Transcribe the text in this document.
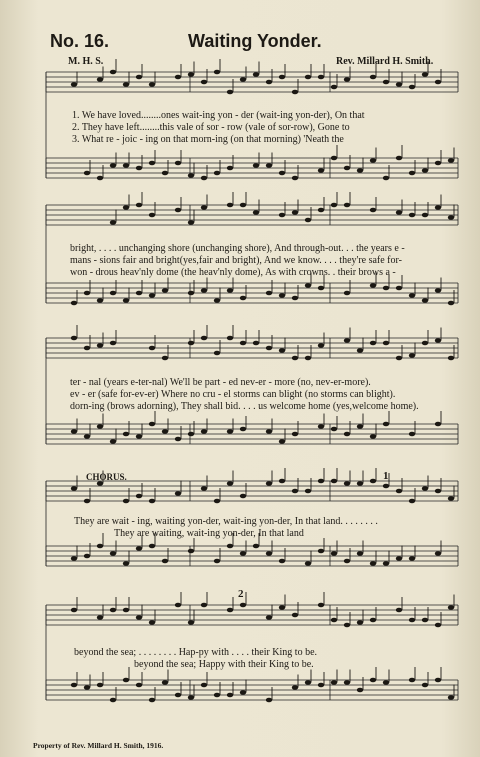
No. 16.	Waiting Yonder.
M. H. S.	Rev. Millard H. Smith.
1. We have loved........ones wait-ing yon - der (wait-ing yon-der), On that
2. They have left........this vale of sor - row (vale of sor-row), Gone to
3. What re - joic - ing on that morn-ing (on that morning) 'Neath the
bright, . . . . unchanging shore (unchanging shore), And through-out. . . the years e -
mans - sions fair and bright(yes,fair and bright), And we know. . . . they're safe for-
won - drous heav'nly dome (the heav'nly dome), As with crowns. . their brows a -
ter - nal (years e-ter-nal) We'll be part - ed nev-er - more (no, nev-er-more).
ev - er (safe for-ev-er) Where no cru - el storms can blight (no storms can blight).
dorn-ing (brows adorning), They shall bid. . . . us welcome home (yes,welcome home).
CHORUS.	1
They are wait - ing, waiting yon-der, wait-ing yon-der, In that land. . . . . . . .
They are waiting, wait-ing yon-der, In that land
2
beyond the sea; . . . . . . . . Hap-py with . . . . their King to be.
beyond the sea; Happy with their King to be.
Property of Rev. Millard H. Smith, 1916.
